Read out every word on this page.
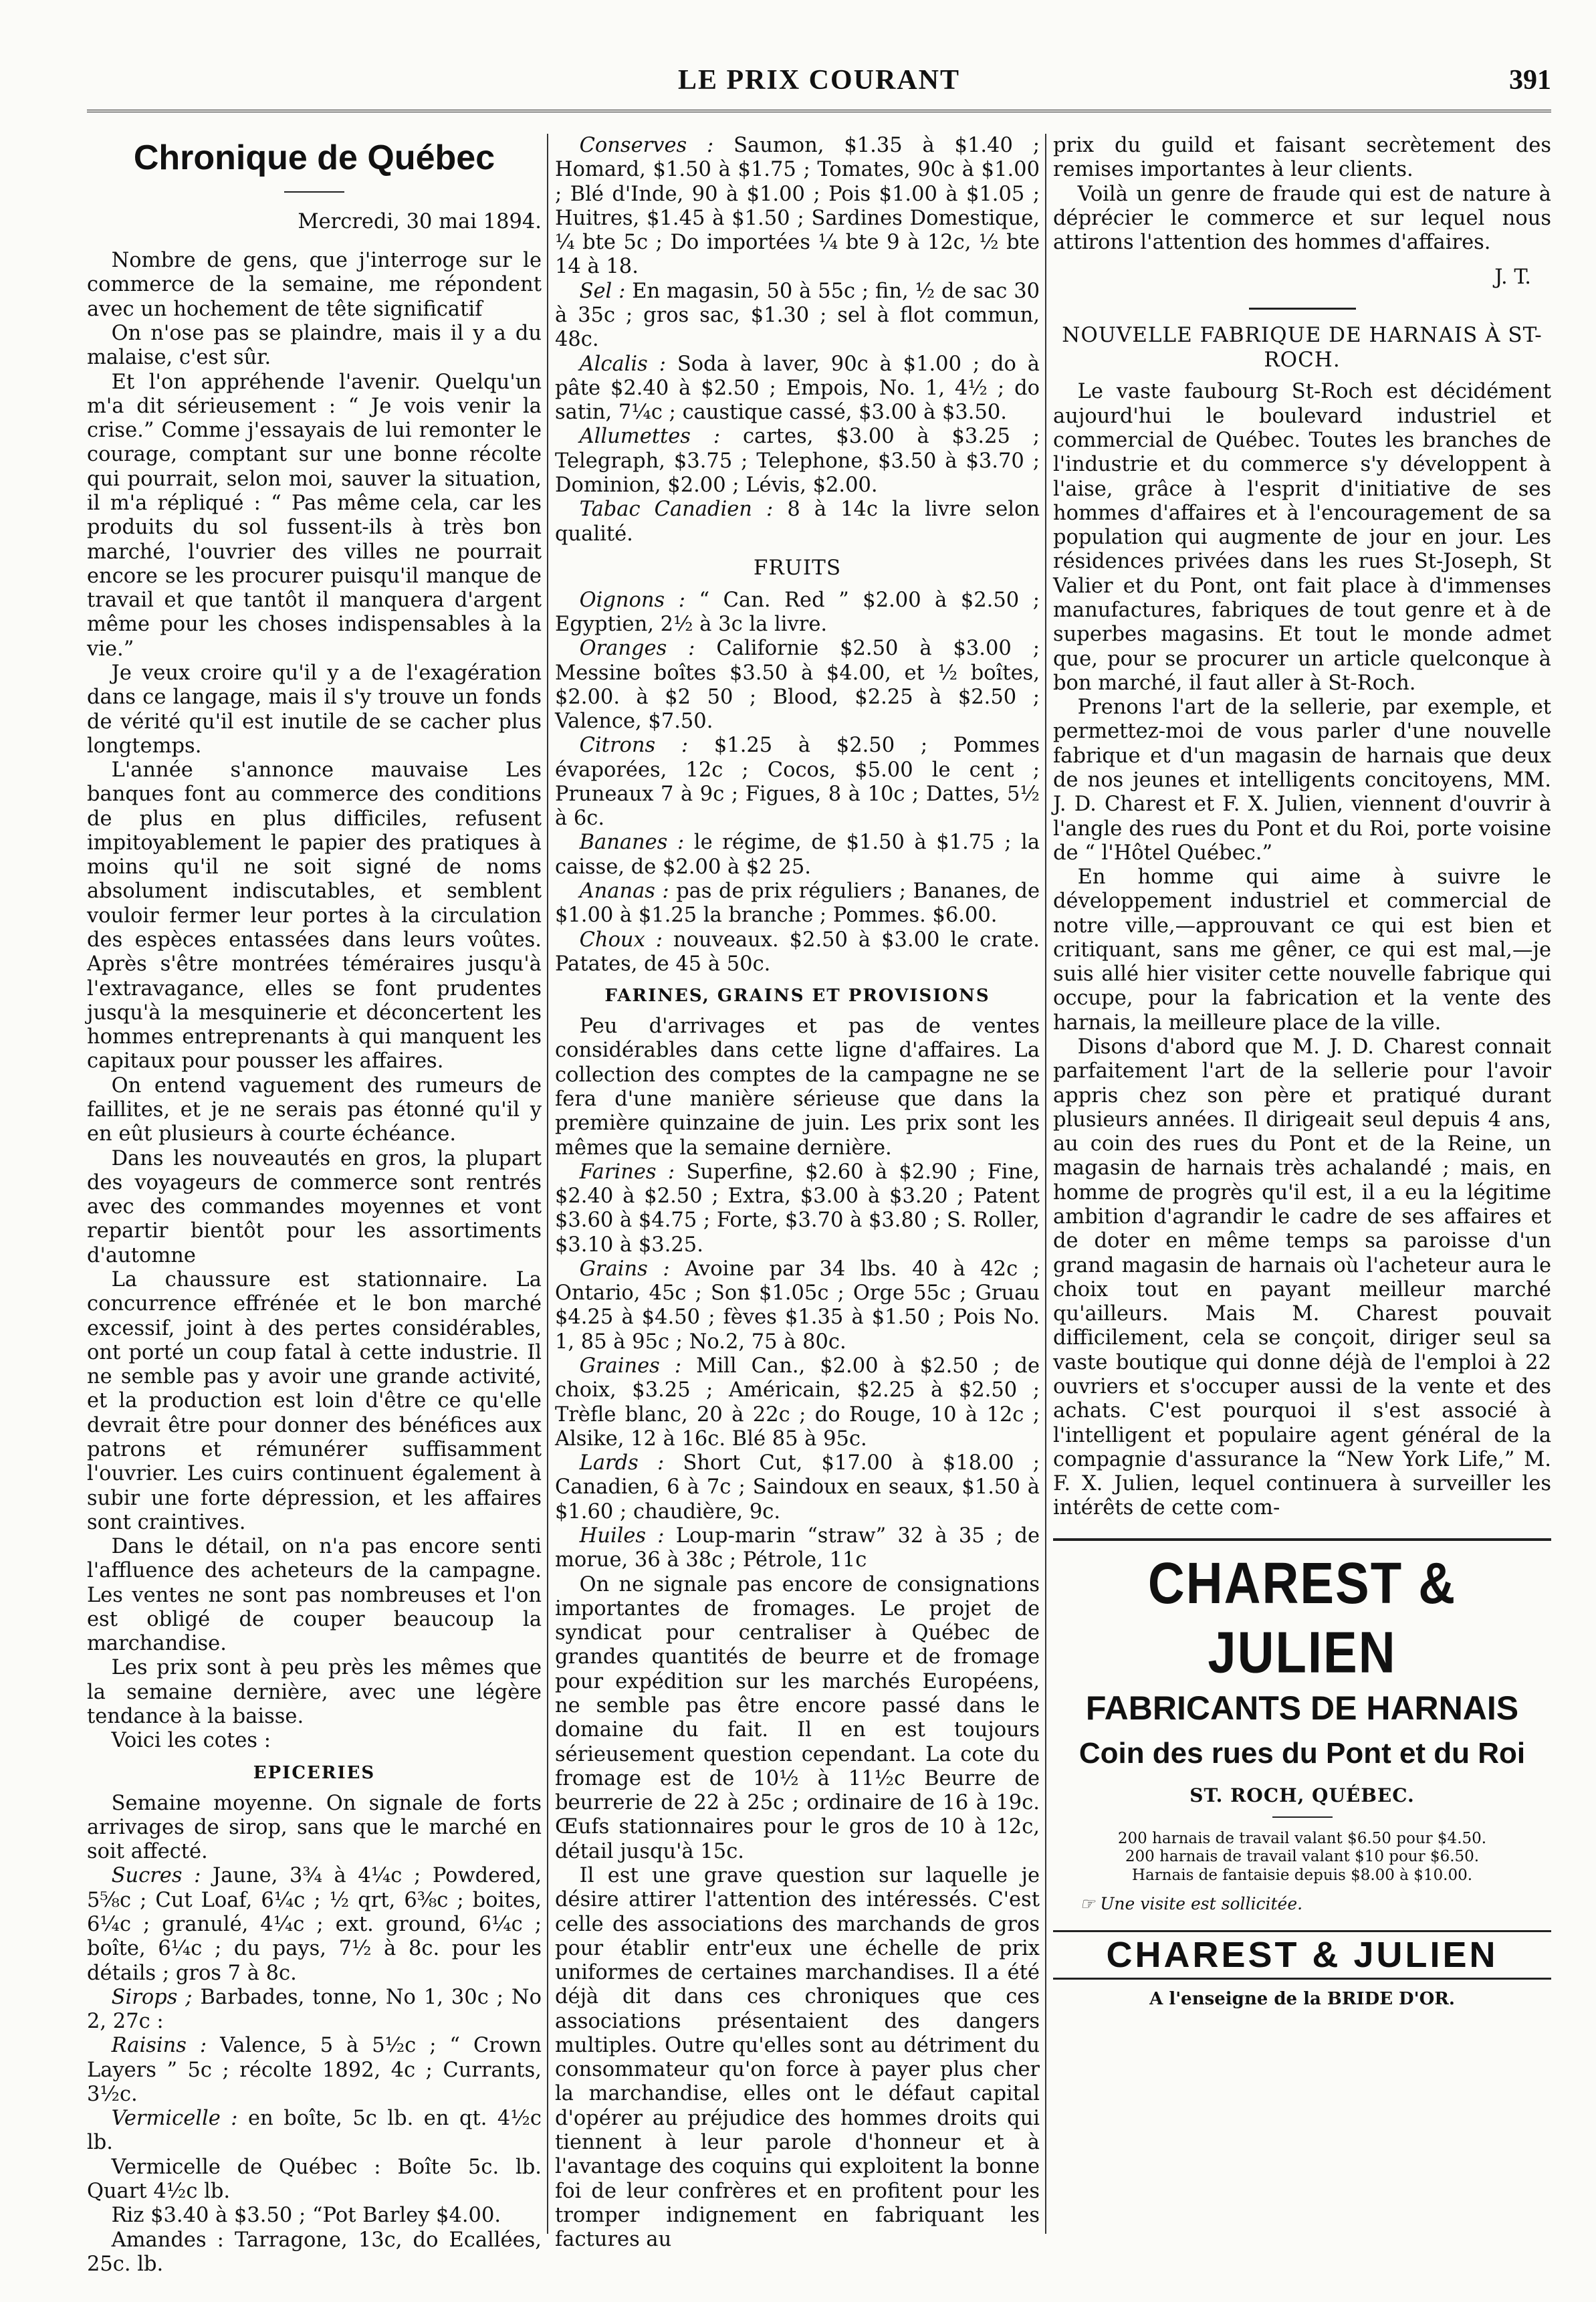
LE PRIX COURANT	391
Chronique de Québec
Mercredi, 30 mai 1894.

Nombre de gens, que j'interroge sur le commerce de la semaine, me répondent avec un hochement de tête significatif

On n'ose pas se plaindre, mais il y a du malaise, c'est sûr.

Et l'on appréhende l'avenir. Quelqu'un m'a dit sérieusement : “ Je vois venir la crise.” Comme j'essayais de lui remonter le courage, comptant sur une bonne récolte qui pourrait, selon moi, sauver la situation, il m'a répliqué : “ Pas même cela, car les produits du sol fussent-ils à très bon marché, l'ouvrier des villes ne pourrait encore se les procurer puisqu'il manque de travail et que tantôt il manquera d'argent même pour les choses indispensables à la vie.”

Je veux croire qu'il y a de l'exagération dans ce langage, mais il s'y trouve un fonds de vérité qu'il est inutile de se cacher plus longtemps.

L'année s'annonce mauvaise Les banques font au commerce des conditions de plus en plus difficiles, refusent impitoyablement le papier des pratiques à moins qu'il ne soit signé de noms absolument indiscutables, et semblent vouloir fermer leur portes à la circulation des espèces entassées dans leurs voûtes. Après s'être montrées téméraires jusqu'à l'extravagance, elles se font prudentes jusqu'à la mesquinerie et déconcertent les hommes entreprenants à qui manquent les capitaux pour pousser les affaires.

On entend vaguement des rumeurs de faillites, et je ne serais pas étonné qu'il y en eût plusieurs à courte échéance.

Dans les nouveautés en gros, la plupart des voyageurs de commerce sont rentrés avec des commandes moyennes et vont repartir bientôt pour les assortiments d'automne

La chaussure est stationnaire. La concurrence effrénée et le bon marché excessif, joint à des pertes considérables, ont porté un coup fatal à cette industrie. Il ne semble pas y avoir une grande activité, et la production est loin d'être ce qu'elle devrait être pour donner des bénéfices aux patrons et rémunérer suffisamment l'ouvrier. Les cuirs continuent également à subir une forte dépression, et les affaires sont craintives.

Dans le détail, on n'a pas encore senti l'affluence des acheteurs de la campagne. Les ventes ne sont pas nombreuses et l'on est obligé de couper beaucoup la marchandise.

Les prix sont à peu près les mêmes que la semaine dernière, avec une légère tendance à la baisse.

Voici les cotes :

EPICERIES

Semaine moyenne. On signale de forts arrivages de sirop, sans que le marché en soit affecté.

Sucres : Jaune, 3¾ à 4¼c ; Powdered, 5⅝c ; Cut Loaf, 6¼c ; ½ qrt, 6⅜c ; boites, 6¼c ; granulé, 4¼c ; ext. ground, 6¼c ; boîte, 6¼c ; du pays, 7½ à 8c. pour les détails ; gros 7 à 8c.

Sirops ; Barbades, tonne, No 1, 30c ; No 2, 27c :

Raisins : Valence, 5 à 5½c ; “ Crown Layers ” 5c ; récolte 1892, 4c ; Currants, 3½c.

Vermicelle : en boîte, 5c lb. en qt. 4½c lb.

Vermicelle de Québec : Boîte 5c. lb. Quart 4½c lb.

Riz $3.40 à $3.50 ; “Pot Barley $4.00.

Amandes : Tarragone, 13c, do Ecallées, 25c. lb.

Conserves : Saumon, $1.35 à $1.40 ; Homard, $1.50 à $1.75 ; Tomates, 90c à $1.00 ; Blé d'Inde, 90 à $1.00 ; Pois $1.00 à $1.05 ; Huitres, $1.45 à $1.50 ; Sardines Domestique, ¼ bte 5c ; Do importées ¼ bte 9 à 12c, ½ bte 14 à 18.

Sel : En magasin, 50 à 55c ; fin, ½ de sac 30 à 35c ; gros sac, $1.30 ; sel à flot commun, 48c.

Alcalis : Soda à laver, 90c à $1.00 ; do à pâte $2.40 à $2.50 ; Empois, No. 1, 4½ ; do satin, 7¼c ; caustique cassé, $3.00 à $3.50.

Allumettes : cartes, $3.00 à $3.25 ; Telegraph, $3.75 ; Telephone, $3.50 à $3.70 ; Dominion, $2.00 ; Lévis, $2.00.

Tabac Canadien : 8 à 14c la livre selon qualité.

FRUITS

Oignons : “ Can. Red ” $2.00 à $2.50 ; Egyptien, 2½ à 3c la livre.

Oranges : Californie $2.50 à $3.00 ; Messine boîtes $3.50 à $4.00, et ½ boîtes, $2.00. à $2 50 ; Blood, $2.25 à $2.50 ; Valence, $7.50.

Citrons : $1.25 à $2.50 ; Pommes évaporées, 12c ; Cocos, $5.00 le cent ; Pruneaux 7 à 9c ; Figues, 8 à 10c ; Dattes, 5½ à 6c.

Bananes : le régime, de $1.50 à $1.75 ; la caisse, de $2.00 à $2 25.

Ananas : pas de prix réguliers ; Bananes, de $1.00 à $1.25 la branche ; Pommes. $6.00.

Choux : nouveaux. $2.50 à $3.00 le crate. Patates, de 45 à 50c.

FARINES, GRAINS ET PROVISIONS

Peu d'arrivages et pas de ventes considérables dans cette ligne d'affaires. La collection des comptes de la campagne ne se fera d'une manière sérieuse que dans la première quinzaine de juin. Les prix sont les mêmes que la semaine dernière.

Farines : Superfine, $2.60 à $2.90 ; Fine, $2.40 à $2.50 ; Extra, $3.00 à $3.20 ; Patent $3.60 à $4.75 ; Forte, $3.70 à $3.80 ; S. Roller, $3.10 à $3.25.

Grains : Avoine par 34 lbs. 40 à 42c ; Ontario, 45c ; Son $1.05c ; Orge 55c ; Gruau $4.25 à $4.50 ; fèves $1.35 à $1.50 ; Pois No. 1, 85 à 95c ; No.2, 75 à 80c.

Graines : Mill Can., $2.00 à $2.50 ; de choix, $3.25 ; Américain, $2.25 à $2.50 ; Trèfle blanc, 20 à 22c ; do Rouge, 10 à 12c ; Alsike, 12 à 16c. Blé 85 à 95c.

Lards : Short Cut, $17.00 à $18.00 ; Canadien, 6 à 7c ; Saindoux en seaux, $1.50 à $1.60 ; chaudière, 9c.

Huiles : Loup-marin “straw” 32 à 35 ; de morue, 36 à 38c ; Pétrole, 11c

On ne signale pas encore de consignations importantes de fromages. Le projet de syndicat pour centraliser à Québec de grandes quantités de beurre et de fromage pour expédition sur les marchés Européens, ne semble pas être encore passé dans le domaine du fait. Il en est toujours sérieusement question cependant. La cote du fromage est de 10½ à 11½c Beurre de beurrerie de 22 à 25c ; ordinaire de 16 à 19c. Œufs stationnaires pour le gros de 10 à 12c, détail jusqu'à 15c.

Il est une grave question sur laquelle je désire attirer l'attention des intéressés. C'est celle des associations des marchands de gros pour établir entr'eux une échelle de prix uniformes de certaines marchandises. Il a été déjà dit dans ces chroniques que ces associations présentaient des dangers multiples. Outre qu'elles sont au détriment du consommateur qu'on force à payer plus cher la marchandise, elles ont le défaut capital d'opérer au préjudice des hommes droits qui tiennent à leur parole d'honneur et à l'avantage des coquins qui exploitent la bonne foi de leur confrères et en profitent pour les tromper indignement en fabriquant les factures au

prix du guild et faisant secrètement des remises importantes à leur clients.

Voilà un genre de fraude qui est de nature à déprécier le commerce et sur lequel nous attirons l'attention des hommes d'affaires.

J. T.
NOUVELLE FABRIQUE DE HARNAIS À ST-ROCH.

Le vaste faubourg St-Roch est décidément aujourd'hui le boulevard industriel et commercial de Québec. Toutes les branches de l'industrie et du commerce s'y développent à l'aise, grâce à l'esprit d'initiative de ses hommes d'affaires et à l'encouragement de sa population qui augmente de jour en jour. Les résidences privées dans les rues St-Joseph, St Valier et du Pont, ont fait place à d'immenses manufactures, fabriques de tout genre et à de superbes magasins. Et tout le monde admet que, pour se procurer un article quelconque à bon marché, il faut aller à St-Roch.

Prenons l'art de la sellerie, par exemple, et permettez-moi de vous parler d'une nouvelle fabrique et d'un magasin de harnais que deux de nos jeunes et intelligents concitoyens, MM. J. D. Charest et F. X. Julien, viennent d'ouvrir à l'angle des rues du Pont et du Roi, porte voisine de “ l'Hôtel Québec.”

En homme qui aime à suivre le développement industriel et commercial de notre ville,—approuvant ce qui est bien et critiquant, sans me gêner, ce qui est mal,—je suis allé hier visiter cette nouvelle fabrique qui occupe, pour la fabrication et la vente des harnais, la meilleure place de la ville.

Disons d'abord que M. J. D. Charest connait parfaitement l'art de la sellerie pour l'avoir appris chez son père et pratiqué durant plusieurs années. Il dirigeait seul depuis 4 ans, au coin des rues du Pont et de la Reine, un magasin de harnais très achalandé ; mais, en homme de progrès qu'il est, il a eu la légitime ambition d'agrandir le cadre de ses affaires et de doter en même temps sa paroisse d'un grand magasin de harnais où l'acheteur aura le choix tout en payant meilleur marché qu'ailleurs. Mais M. Charest pouvait difficilement, cela se conçoit, diriger seul sa vaste boutique qui donne déjà de l'emploi à 22 ouvriers et s'occuper aussi de la vente et des achats. C'est pourquoi il s'est associé à l'intelligent et populaire agent général de la compagnie d'assurance la “New York Life,” M. F. X. Julien, lequel continuera à surveiller les intérêts de cette com-

CHAREST & JULIEN
FABRICANTS DE HARNAIS
Coin des rues du Pont et du Roi
ST. ROCH, QUÉBEC.
200 harnais de travail valant $6.50 pour $4.50.
200 harnais de travail valant $10 pour $6.50.
Harnais de fantaisie depuis $8.00 à $10.00.
☞ Une visite est sollicitée.
CHAREST & JULIEN
A l'enseigne de la BRIDE D'OR.
